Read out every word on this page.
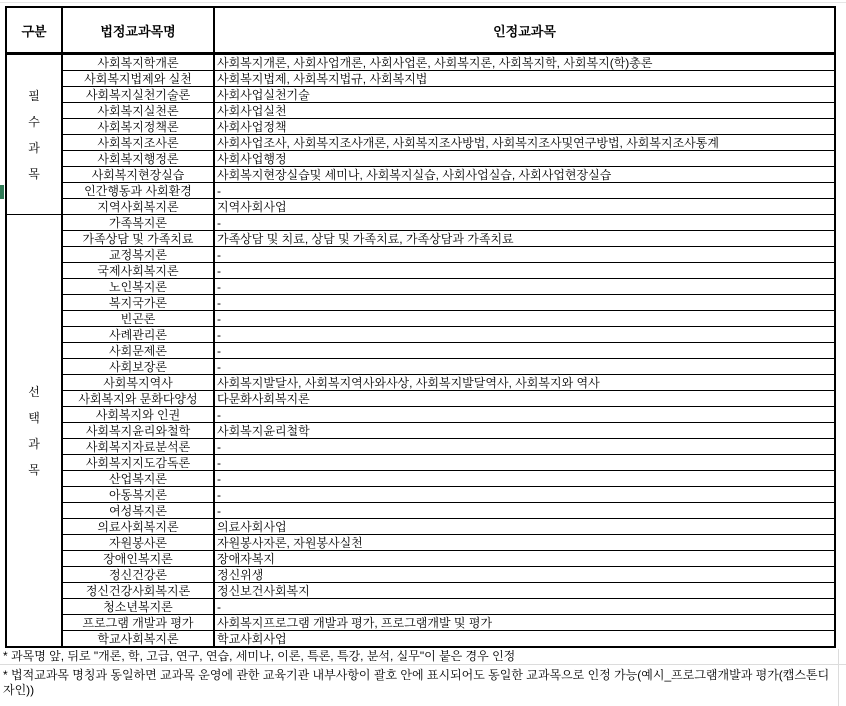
구분	법정교과목명	인정교과목

필
수
과
목	사회복지학개론	사회복지개론, 사회사업개론, 사회사업론, 사회복지론, 사회복지학, 사회복지(학)총론
	사회복지법제와 실천	사회복지법제, 사회복지법규, 사회복지법
	사회복지실천기술론	사회사업실천기술
	사회복지실천론	사회사업실천
	사회복지정책론	사회사업정책
	사회복지조사론	사회사업조사, 사회복지조사개론, 사회복지조사방법, 사회복지조사및연구방법, 사회복지조사통계
	사회복지행정론	사회사업행정
	사회복지현장실습	사회복지현장실습및 세미나, 사회복지실습, 사회사업실습, 사회사업현장실습
	인간행동과 사회환경	-
	지역사회복지론	지역사회사업

선
택
과
목	가족복지론	-
	가족상담 및 가족치료	가족상담 및 치료, 상담 및 가족치료, 가족상담과 가족치료
	교정복지론	-
	국제사회복지론	-
	노인복지론	-
	복지국가론	-
	빈곤론	-
	사례관리론	-
	사회문제론	-
	사회보장론	-
	사회복지역사	사회복지발달사, 사회복지역사와사상, 사회복지발달역사, 사회복지와 역사
	사회복지와 문화다양성	다문화사회복지론
	사회복지와 인권	-
	사회복지윤리와철학	사회복지윤리철학
	사회복지자료분석론	-
	사회복지지도감독론	-
	산업복지론	-
	아동복지론	-
	여성복지론	-
	의료사회복지론	의료사회사업
	자원봉사론	자원봉사자론, 자원봉사실천
	장애인복지론	장애자복지
	정신건강론	정신위생
	정신건강사회복지론	정신보건사회복지
	청소년복지론	-
	프로그램 개발과 평가	사회복지프로그램 개발과 평가, 프로그램개발 및 평가
	학교사회복지론	학교사회사업
* 과목명 앞, 뒤로 "개론, 학, 고급, 연구, 연습, 세미나, 이론, 특론, 특강, 분석, 실무"이 붙은 경우 인정
* 법적교과목 명칭과 동일하면 교과목 운영에 관한 교육기관 내부사항이 괄호 안에 표시되어도 동일한 교과목으로 인정 가능(예시_프로그램개발과 평가(캡스톤디자인))
